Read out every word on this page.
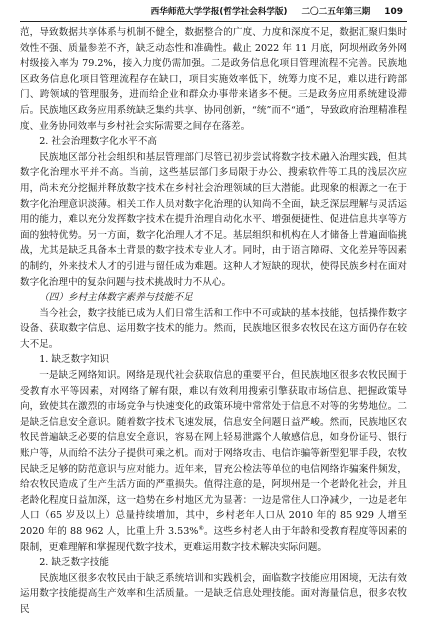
西华师范大学学报(哲学社会科学版) 二〇二五年第三期 109

范，导致数据共享体系与机制不健全，数据整合的广度、力度和深度不足，数据汇聚归集时效性不强、质量参差不齐，缺乏动态性和准确性。截止 2022 年 11 月底，阿坝州政务外网村级接入率为 79.2%，接入力度仍需加强。二是政务信息化项目管理流程不完善。民族地区政务信息化项目管理流程存在缺口，项目实施效率低下，统筹力度不足，难以进行跨部门、跨领域的管理服务，进而给企业和群众办事带来诸多不便。三是政务应用系统建设滞后。民族地区政务应用系统缺乏集约共享、协同创新，“统”而不“通”，导致政府治理精准程度、业务协同效率与乡村社会实际需要之间存在落差。

2. 社会治理数字化水平不高

民族地区部分社会组织和基层管理部门尽管已初步尝试将数字技术融入治理实践，但其数字化治理水平并不高。当前，这些基层部门多局限于办公、搜索软件等工具的浅层次应用，尚未充分挖掘并释放数字技术在乡村社会治理领域的巨大潜能。此现象的根源之一在于数字化治理意识淡薄。相关工作人员对数字化治理的认知尚不全面，缺乏深层理解与灵活运用的能力，难以充分发挥数字技术在提升治理自动化水平、增强便捷性、促进信息共享等方面的独特优势。另一方面，数字化治理人才不足。基层组织和机构在人才储备上普遍面临挑战，尤其是缺乏具备本土背景的数字技术专业人才。同时，由于语言障碍、文化差异等因素的制约，外来技术人才的引进与留任成为难题。这种人才短缺的现状，使得民族乡村在面对数字化治理中的复杂问题与技术挑战时力不从心。

（四）乡村主体数字素养与技能不足

当今社会，数字技能已成为人们日常生活和工作中不可或缺的基本技能，包括操作数字设备、获取数字信息、运用数字技术的能力。然而，民族地区很多农牧民在这方面仍存在较大不足。

1. 缺乏数字知识

一是缺乏网络知识。网络是现代社会获取信息的重要平台，但民族地区很多农牧民囿于受教育水平等因素，对网络了解有限，难以有效利用搜索引擎获取市场信息、把握政策导向，致使其在激烈的市场竞争与快速变化的政策环境中常常处于信息不对等的劣势地位。二是缺乏信息安全意识。随着数字技术飞速发展，信息安全问题日益严峻。然而，民族地区农牧民普遍缺乏必要的信息安全意识，容易在网上轻易泄露个人敏感信息，如身份证号、银行账户等，从而给不法分子提供可乘之机。而对于网络攻击、电信诈骗等新型犯罪手段，农牧民缺乏足够的防范意识与应对能力。近年来，冒充公检法等单位的电信网络诈骗案件频发，给农牧民造成了生产生活方面的严重损失。值得注意的是，阿坝州是一个老龄化社会，并且老龄化程度日益加深，这一趋势在乡村地区尤为显著：一边是常住人口净减少，一边是老年人口（65 岁及以上）总量持续增加，其中，乡村老年人口从 2010 年的 85 929 人增至 2020 年的 88 962 人，比重上升 3.53%⑥。这些乡村老人由于年龄和受教育程度等因素的限制，更难理解和掌握现代数字技术，更难运用数字技术解决实际问题。

2. 缺乏数字技能

民族地区很多农牧民由于缺乏系统培训和实践机会，面临数字技能应用困境，无法有效运用数字技能提高生产效率和生活质量。一是缺乏信息处理技能。面对海量信息，很多农牧民
